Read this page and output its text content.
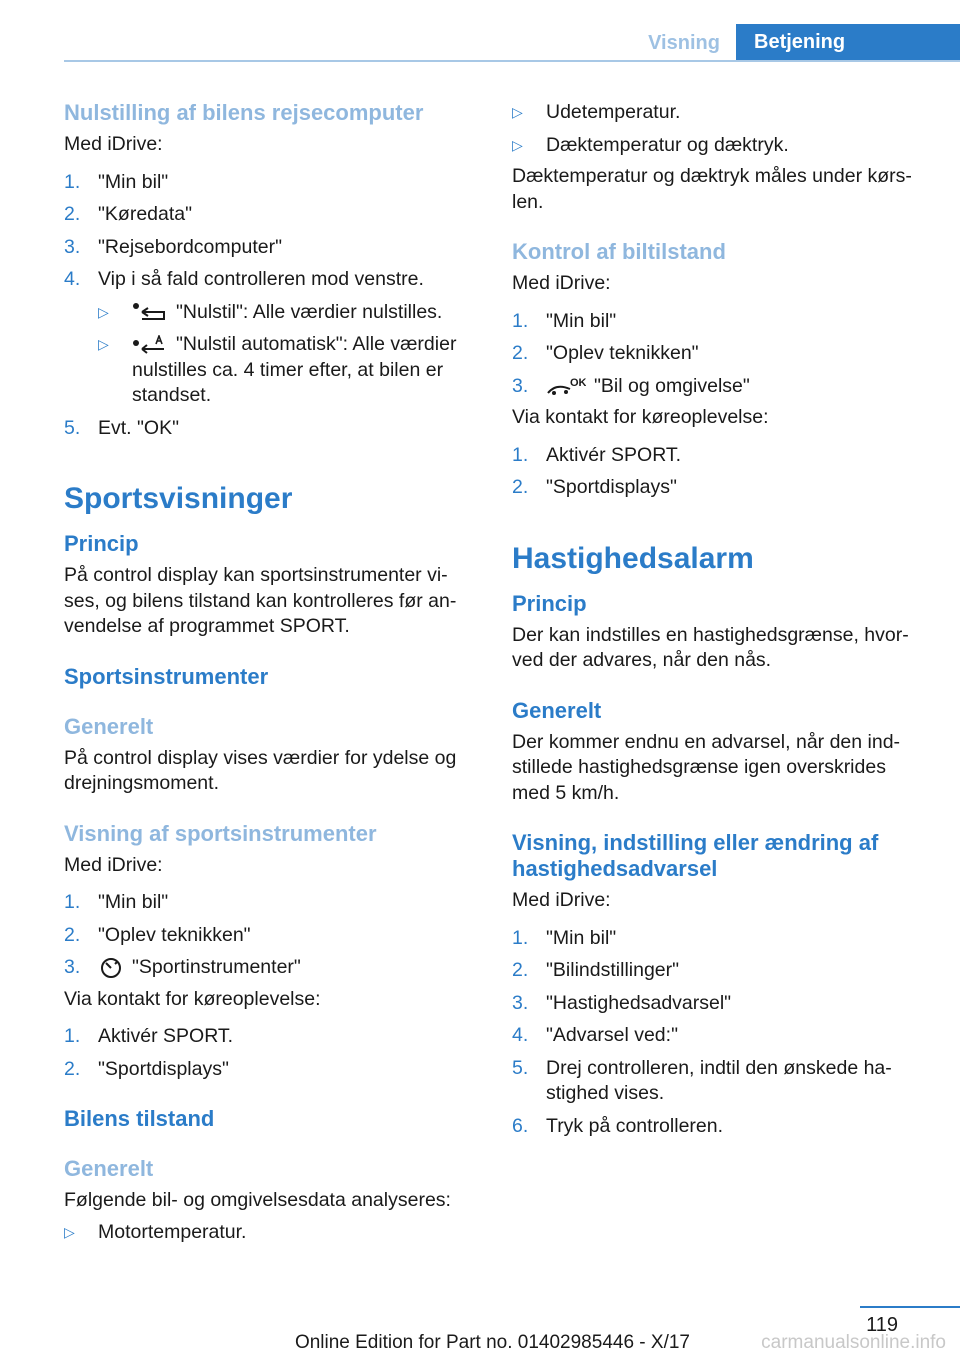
Visning	Betjening
Nulstilling af bilens rejsecomputer

Med iDrive:

1. "Min bil"
2. "Køredata"
3. "Rejsebordcomputer"
4. Vip i så fald controlleren mod venstre.
▷	"Nulstil": Alle værdier nulstilles.
▷	"Nulstil automatisk": Alle værdier nulstilles ca. 4 timer efter, at bilen er standset.
5. Evt. "OK"
Sportsvisninger
Princip

På control display kan sportsinstrumenter vises, og bilens tilstand kan kontrolleres før anvendelse af programmet SPORT.

Sportsinstrumenter
Generelt

På control display vises værdier for ydelse og drejningsmoment.

Visning af sportsinstrumenter

Med iDrive:

1. "Min bil"
2. "Oplev teknikken"
3.	"Sportinstrumenter"

Via kontakt for køreoplevelse:

1. Aktivér SPORT.
2. "Sportdisplays"
Bilens tilstand
Generelt

Følgende bil- og omgivelsesdata analyseres:

▷	Motortemperatur.
▷	Udetemperatur.
▷	Dæktemperatur og dæktryk.

Dæktemperatur og dæktryk måles under kørslen.

Kontrol af biltilstand

Med iDrive:

1. "Min bil"
2. "Oplev teknikken"
3.	OK "Bil og omgivelse"

Via kontakt for køreoplevelse:

1. Aktivér SPORT.
2. "Sportdisplays"
Hastighedsalarm
Princip

Der kan indstilles en hastighedsgrænse, hvorved der advares, når den nås.

Generelt

Der kommer endnu en advarsel, når den indstillede hastighedsgrænse igen overskrides med 5 km/h.

Visning, indstilling eller ændring af hastighedsadvarsel

Med iDrive:

1. "Min bil"
2. "Bilindstillinger"
3. "Hastighedsadvarsel"
4. "Advarsel ved:"
5. Drej controlleren, indtil den ønskede hastighed vises.
6. Tryk på controlleren.
119
Online Edition for Part no. 01402985446 - X/17	carmanualsonline.info
